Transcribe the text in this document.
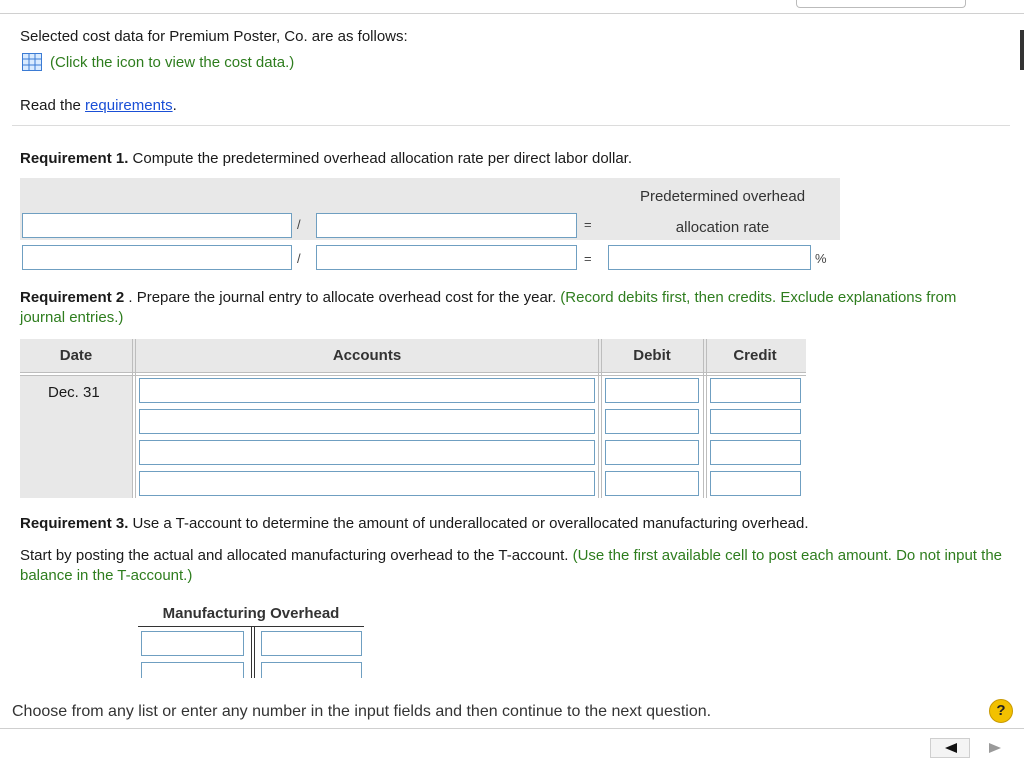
Selected cost data for Premium Poster, Co. are as follows:
(Click the icon to view the cost data.)
Read the requirements.
Requirement 1. Compute the predetermined overhead allocation rate per direct labor dollar.
Predetermined overhead
allocation rate
/	=
/	=	%
Requirement 2 . Prepare the journal entry to allocate overhead cost for the year. (Record debits first, then credits. Exclude explanations from journal entries.)
Date	Accounts	Debit	Credit
Dec. 31
Requirement 3. Use a T-account to determine the amount of underallocated or overallocated manufacturing overhead.
Start by posting the actual and allocated manufacturing overhead to the T-account. (Use the first available cell to post each amount. Do not input the balance in the T-account.)
Manufacturing Overhead
Choose from any list or enter any number in the input fields and then continue to the next question.	?
